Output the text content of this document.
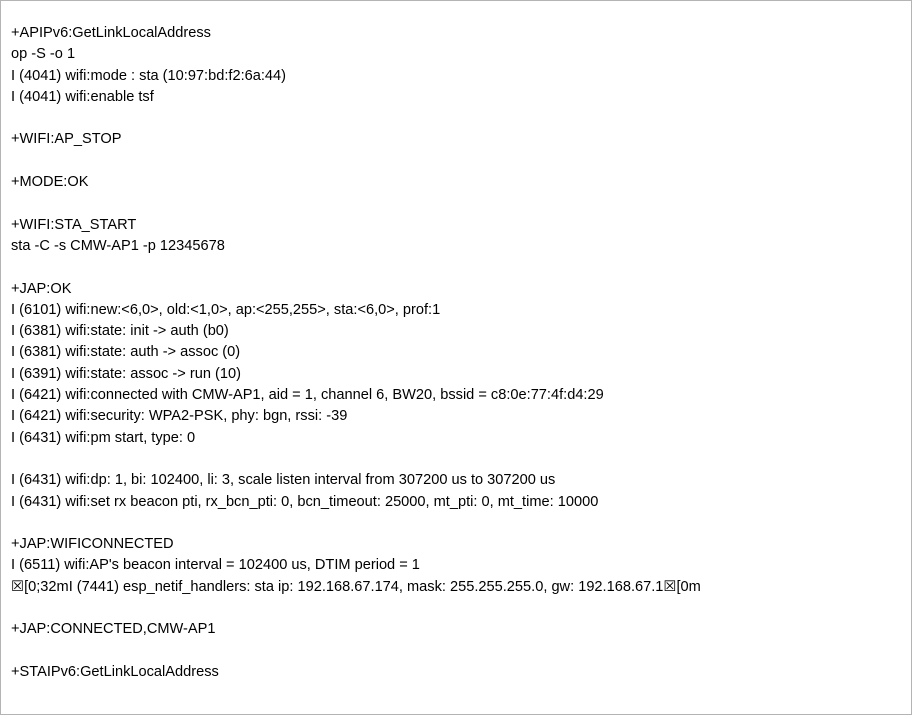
+APIPv6:GetLinkLocalAddress
op -S -o 1
I (4041) wifi:mode : sta (10:97:bd:f2:6a:44)
I (4041) wifi:enable tsf
+WIFI:AP_STOP
+MODE:OK
+WIFI:STA_START
sta -C -s CMW-AP1 -p 12345678
+JAP:OK
I (6101) wifi:new:<6,0>, old:<1,0>, ap:<255,255>, sta:<6,0>, prof:1
I (6381) wifi:state: init -> auth (b0)
I (6381) wifi:state: auth -> assoc (0)
I (6391) wifi:state: assoc -> run (10)
I (6421) wifi:connected with CMW-AP1, aid = 1, channel 6, BW20, bssid = c8:0e:77:4f:d4:29
I (6421) wifi:security: WPA2-PSK, phy: bgn, rssi: -39
I (6431) wifi:pm start, type: 0
I (6431) wifi:dp: 1, bi: 102400, li: 3, scale listen interval from 307200 us to 307200 us
I (6431) wifi:set rx beacon pti, rx_bcn_pti: 0, bcn_timeout: 25000, mt_pti: 0, mt_time: 10000
+JAP:WIFICONNECTED
I (6511) wifi:AP's beacon interval = 102400 us, DTIM period = 1
☒[0;32mI (7441) esp_netif_handlers: sta ip: 192.168.67.174, mask: 255.255.255.0, gw: 192.168.67.1☒[0m
+JAP:CONNECTED,CMW-AP1
+STAIPv6:GetLinkLocalAddress
